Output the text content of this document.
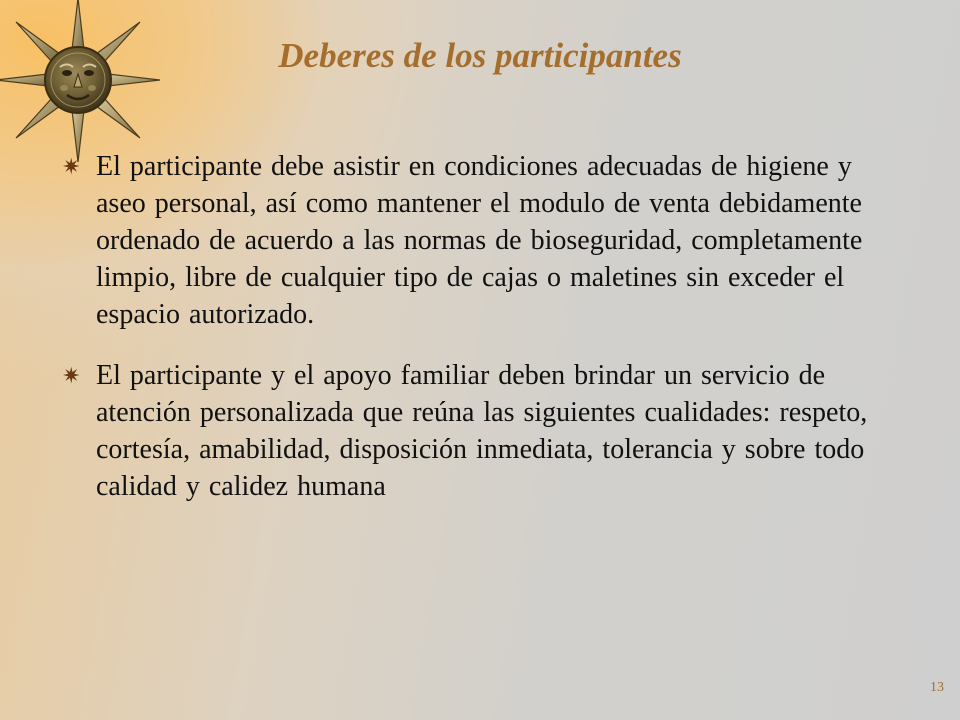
Deberes de los participantes
✷ El participante debe asistir en condiciones adecuadas de higiene y aseo personal, así como mantener el modulo de venta debidamente ordenado de acuerdo a las normas de bioseguridad, completamente limpio, libre de cualquier tipo de cajas o maletines sin exceder el espacio autorizado.
✷ El participante y el apoyo familiar deben brindar un servicio de atención personalizada que reúna las siguientes cualidades: respeto, cortesía, amabilidad, disposición inmediata, tolerancia y sobre todo calidad y calidez humana
13
